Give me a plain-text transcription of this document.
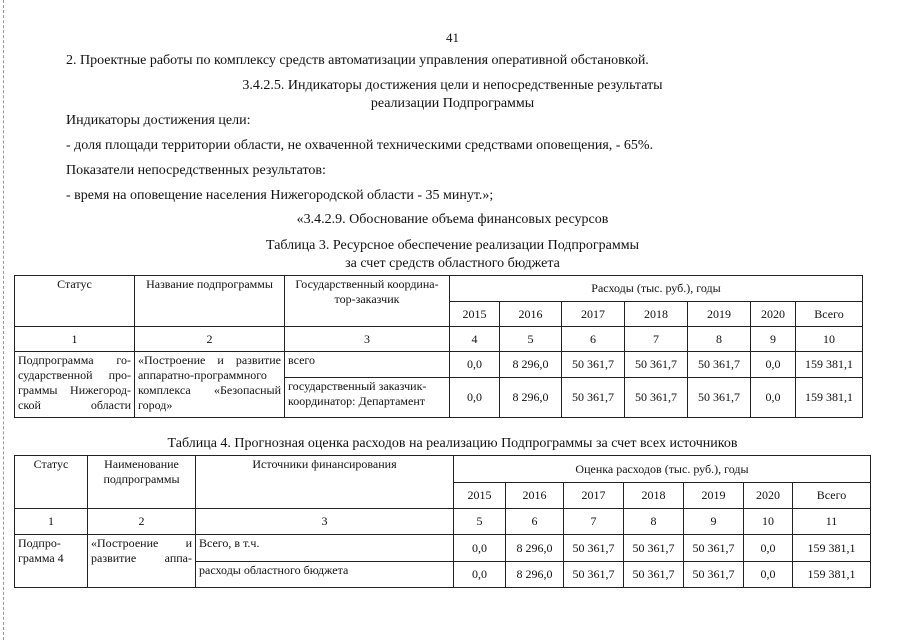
41
2. Проектные работы по комплексу средств автоматизации управления оперативной обстановкой.
3.4.2.5. Индикаторы достижения цели и непосредственные результаты
реализации Подпрограммы
Индикаторы достижения цели:
- доля площади территории области, не охваченной техническими средствами оповещения, - 65%.
Показатели непосредственных результатов:
- время на оповещение населения Нижегородской области - 35 минут.»;
«3.4.2.9. Обоснование объема финансовых ресурсов
Таблица 3. Ресурсное обеспечение реализации Подпрограммы
за счет средств областного бюджета
Статус	Название подпрограммы	Государственный координа-тор-заказчик	Расходы (тыс. руб.), годы						
			2015	2016	2017	2018	2019	2020	Всего
1	2	3	4	5	6	7	8	9	10
Подпрограмма го-сударственной про-граммы Нижегород-ской области	«Построение и развитие аппаратно-программного комплекса «Безопасный город»	всего	0,0	8 296,0	50 361,7	50 361,7	50 361,7	0,0	159 381,1
		государственный заказчик-координатор: Департамент	0,0	8 296,0	50 361,7	50 361,7	50 361,7	0,0	159 381,1
Таблица 4. Прогнозная оценка расходов на реализацию Подпрограммы за счет всех источников
Статус	Наименование подпрограммы	Источники финансирования	Оценка расходов (тыс. руб.), годы						
			2015	2016	2017	2018	2019	2020	Всего
1	2	3	5	6	7	8	9	10	11
Подпро-грамма 4	«Построение и развитие аппа-	Всего, в т.ч.	0,0	8 296,0	50 361,7	50 361,7	50 361,7	0,0	159 381,1
		расходы областного бюджета	0,0	8 296,0	50 361,7	50 361,7	50 361,7	0,0	159 381,1
